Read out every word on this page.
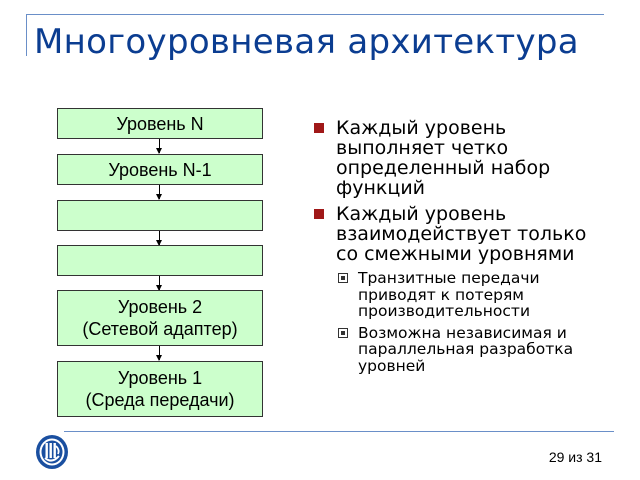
Многоуровневая архитектура
Уровень N
Уровень N-1
Уровень 2
(Сетевой адаптер)
Уровень 1
(Среда передачи)
Каждый уровень выполняет четко определенный набор функций
Каждый уровень взаимодействует только со смежными уровнями
Транзитные передачи приводят к потерям производительности
Возможна независимая и параллельная разработка уровней
29 из 31
